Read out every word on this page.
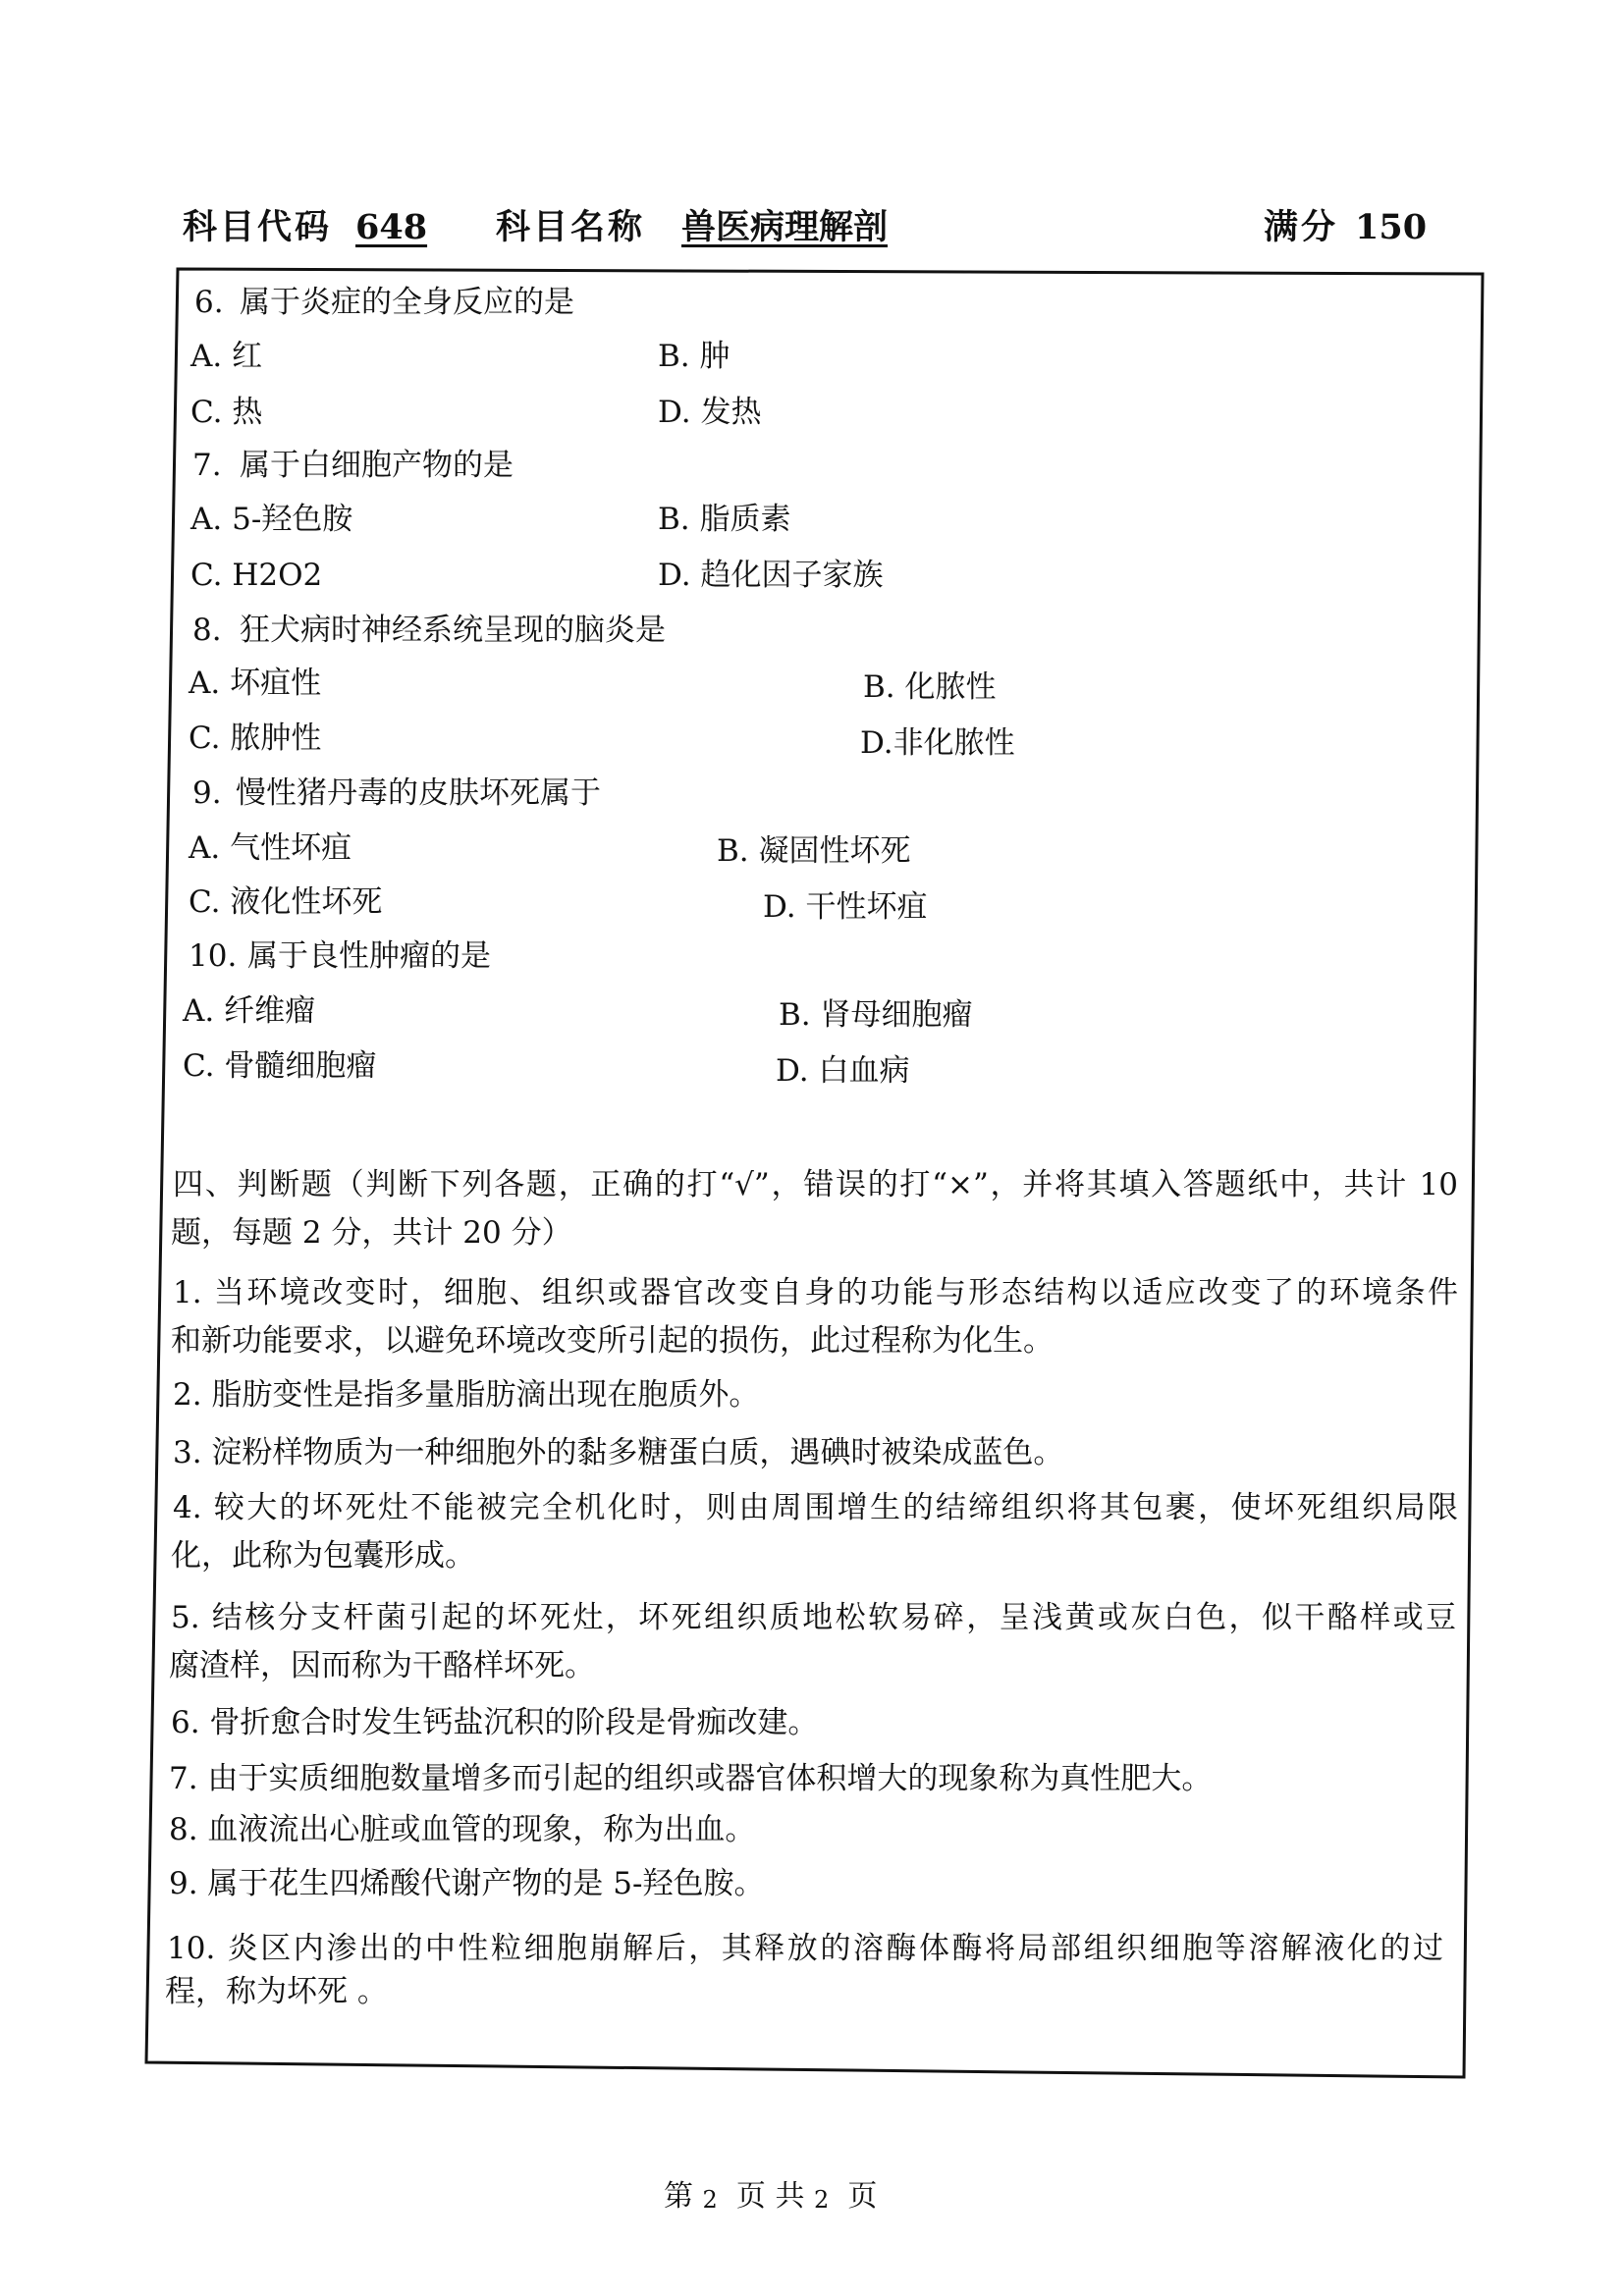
科目代码 648 科目名称 兽医病理解剖	满分 150
6. 属于炎症的全身反应的是
A. 红	B. 肿
C. 热	D. 发热
7. 属于白细胞产物的是
A. 5-羟色胺	B. 脂质素
C. H2O2	D. 趋化因子家族
8. 狂犬病时神经系统呈现的脑炎是
A. 坏疽性	B. 化脓性
C. 脓肿性	D.非化脓性
9. 慢性猪丹毒的皮肤坏死属于
A. 气性坏疽	B. 凝固性坏死
C. 液化性坏死	D. 干性坏疽
10. 属于良性肿瘤的是
A. 纤维瘤	B. 肾母细胞瘤
C. 骨髓细胞瘤	D. 白血病
四、判断题（判断下列各题，正确的打“√”，错误的打“×”，并将其填入答题纸中，共计 10
题，每题 2 分，共计 20 分）
1. 当环境改变时，细胞、组织或器官改变自身的功能与形态结构以适应改变了的环境条件
和新功能要求，以避免环境改变所引起的损伤，此过程称为化生。
2. 脂肪变性是指多量脂肪滴出现在胞质外。
3. 淀粉样物质为一种细胞外的黏多糖蛋白质，遇碘时被染成蓝色。
4. 较大的坏死灶不能被完全机化时，则由周围增生的结缔组织将其包裹，使坏死组织局限
化，此称为包囊形成。
5. 结核分支杆菌引起的坏死灶，坏死组织质地松软易碎，呈浅黄或灰白色，似干酪样或豆
腐渣样，因而称为干酪样坏死。
6. 骨折愈合时发生钙盐沉积的阶段是骨痂改建。
7. 由于实质细胞数量增多而引起的组织或器官体积增大的现象称为真性肥大。
8. 血液流出心脏或血管的现象，称为出血。
9. 属于花生四烯酸代谢产物的是 5-羟色胺。
10. 炎区内渗出的中性粒细胞崩解后，其释放的溶酶体酶将局部组织细胞等溶解液化的过
程，称为坏死 。
第 2 页 共 2 页
